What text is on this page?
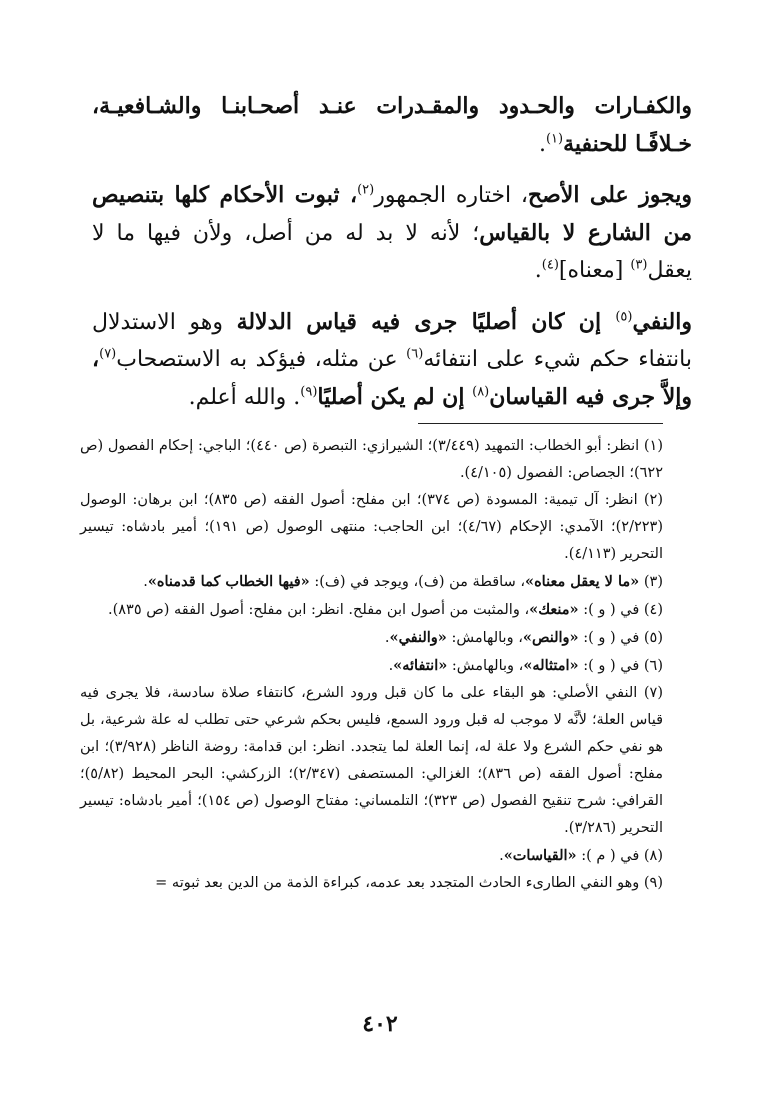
والكفـارات والحـدود والمقـدرات عنـد أصحـابنـا والشـافعيـة، خـلافًـا للحنفية$^{(١)}$.

ويجوز على الأصح، اختاره الجمهور$^{(٢)}$، ثبوت الأحكام كلها بتنصيص من الشارع لا بالقياس؛ لأنه لا بد له من أصل، ولأن فيها ما لا يعقل$^{(٣)}$ [معناه]$^{(٤)}$.

والنفي$^{(٥)}$ إن كان أصليًا جرى فيه قياس الدلالة وهو الاستدلال بانتفاء حكم شيء على انتفائه$^{(٦)}$ عن مثله، فيؤكد به الاستصحاب$^{(٧)}$، وإلاَّ جرى فيه القياسان$^{(٨)}$ إن لم يكن أصليًا$^{(٩)}$. والله أعلم.

(١) انظر: أبو الخطاب: التمهيد (٣/٤٤٩)؛ الشيرازي: التبصرة (ص ٤٤٠)؛ الباجي: إحكام الفصول (ص ٦٢٢)؛ الجصاص: الفصول (٤/١٠٥).

(٢) انظر: آل تيمية: المسودة (ص ٣٧٤)؛ ابن مفلح: أصول الفقه (ص ٨٣٥)؛ ابن برهان: الوصول (٢/٢٢٣)؛ الآمدي: الإحكام (٤/٦٧)؛ ابن الحاجب: منتهى الوصول (ص ١٩١)؛ أمير بادشاه: تيسير التحرير (٤/١١٣).

(٣) «ما لا يعقل معناه»، ساقطة من (ف)، ويوجد في (ف): «فيها الخطاب كما قدمناه».

(٤) في ( و ): «منعك»، والمثبت من أصول ابن مفلح. انظر: ابن مفلح: أصول الفقه (ص ٨٣٥).

(٥) في ( و ): «والنص»، وبالهامش: «والنفي».

(٦) في ( و ): «امتثاله»، وبالهامش: «انتفائه».

(٧) النفي الأصلي: هو البقاء على ما كان قبل ورود الشرع، كانتفاء صلاة سادسة، فلا يجرى فيه قياس العلة؛ لأنَّه لا موجب له قبل ورود السمع، فليس بحكم شرعي حتى تطلب له علة شرعية، بل هو نفي حكم الشرع ولا علة له، إنما العلة لما يتجدد. انظر: ابن قدامة: روضة الناظر (٣/٩٢٨)؛ ابن مفلح: أصول الفقه (ص ٨٣٦)؛ الغزالي: المستصفى (٢/٣٤٧)؛ الزركشي: البحر المحيط (٥/٨٢)؛ القرافي: شرح تنقيح الفصول (ص ٣٢٣)؛ التلمساني: مفتاح الوصول (ص ١٥٤)؛ أمير بادشاه: تيسير التحرير (٣/٢٨٦).

(٨) في ( م ): «القياسات».

(٩) وهو النفي الطارىء الحادث المتجدد بعد عدمه، كبراءة الذمة من الدين بعد ثبوته =

٤٠٢
